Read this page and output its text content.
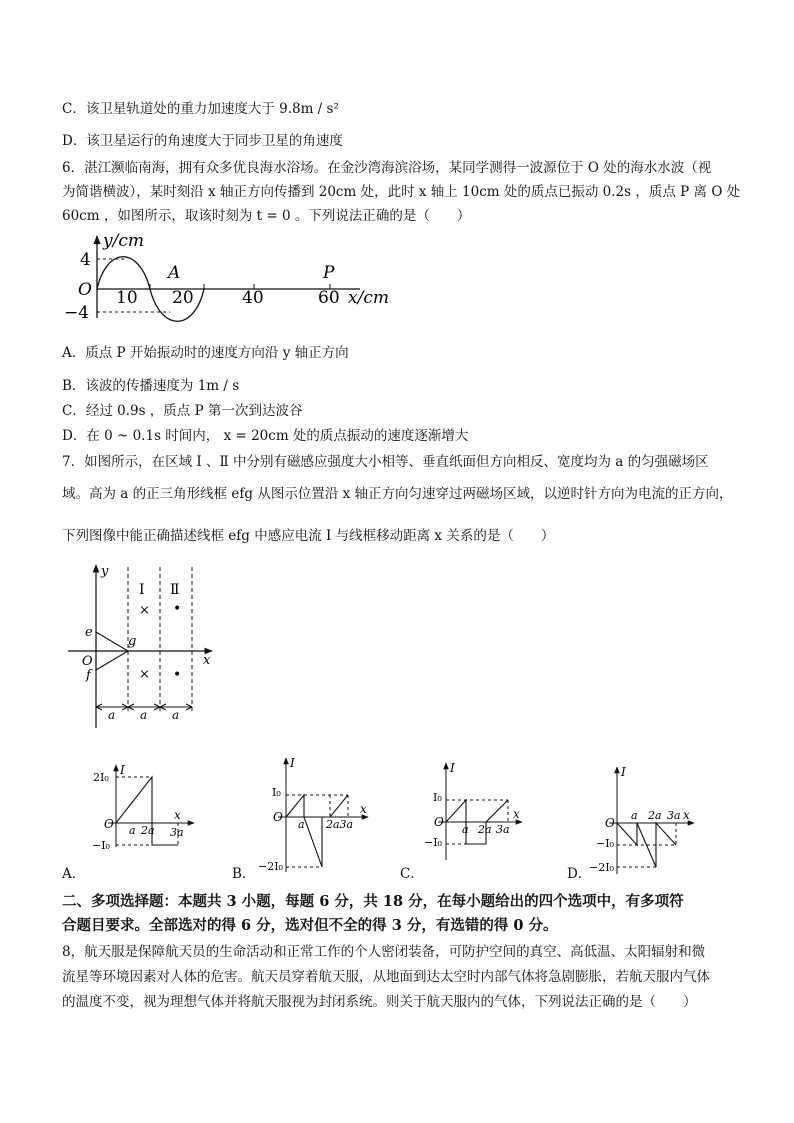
C．该卫星轨道处的重力加速度大于 9.8m / s²
D．该卫星运行的角速度大于同步卫星的角速度
6．湛江濒临南海，拥有众多优良海水浴场。在金沙湾海滨浴场，某同学测得一波源位于 O 处的海水水波（视
为简谐横波），某时刻沿 x 轴正方向传播到 20cm 处，此时 x 轴上 10cm 处的质点已振动 0.2s ，质点 P 离 O 处
60cm ，如图所示，取该时刻为 t = 0 。下列说法正确的是（　　）
y/cm
O
4
−4
10 20	40	60
A	P
x/cm
A．质点 P 开始振动时的速度方向沿 y 轴正方向
B．该波的传播速度为 1m / s
C．经过 0.9s ，质点 P 第一次到达波谷
D．在 0 ~ 0.1s 时间内， x = 20cm 处的质点振动的速度逐渐增大
7．如图所示，在区域 Ⅰ 、Ⅱ 中分别有磁感应强度大小相等、垂直纸面但方向相反、宽度均为 a 的匀强磁场区
域。高为 a 的正三角形线框 efg 从图示位置沿 x 轴正方向匀速穿过两磁场区域，以逆时针方向为电流的正方向，
下列图像中能正确描述线框 efg 中感应电流 I 与线框移动距离 x 关系的是（　　）
y
x
O
Ⅰ Ⅱ
×
×
•
•
e
f
g
a a a
I
x
O
2I₀
−I₀
a 2a 3a
A．
I
x
O
I₀
−2I₀
a 2a3a
B．
I
x
O
I₀
−I₀
a 2a 3a
C．
I
x
O
−I₀
−2I₀
a 2a 3a
D．
二、多项选择题：本题共 3 小题，每题 6 分，共 18 分，在每小题给出的四个选项中，有多项符
合题目要求。全部选对的得 6 分，选对但不全的得 3 分，有选错的得 0 分。
8，航天服是保障航天员的生命活动和正常工作的个人密闭装备，可防护空间的真空、高低温、太阳辐射和微
流星等环境因素对人体的危害。航天员穿着航天服，从地面到达太空时内部气体将急剧膨胀，若航天服内气体
的温度不变，视为理想气体并将航天服视为封闭系统。则关于航天服内的气体，下列说法正确的是（　　）
